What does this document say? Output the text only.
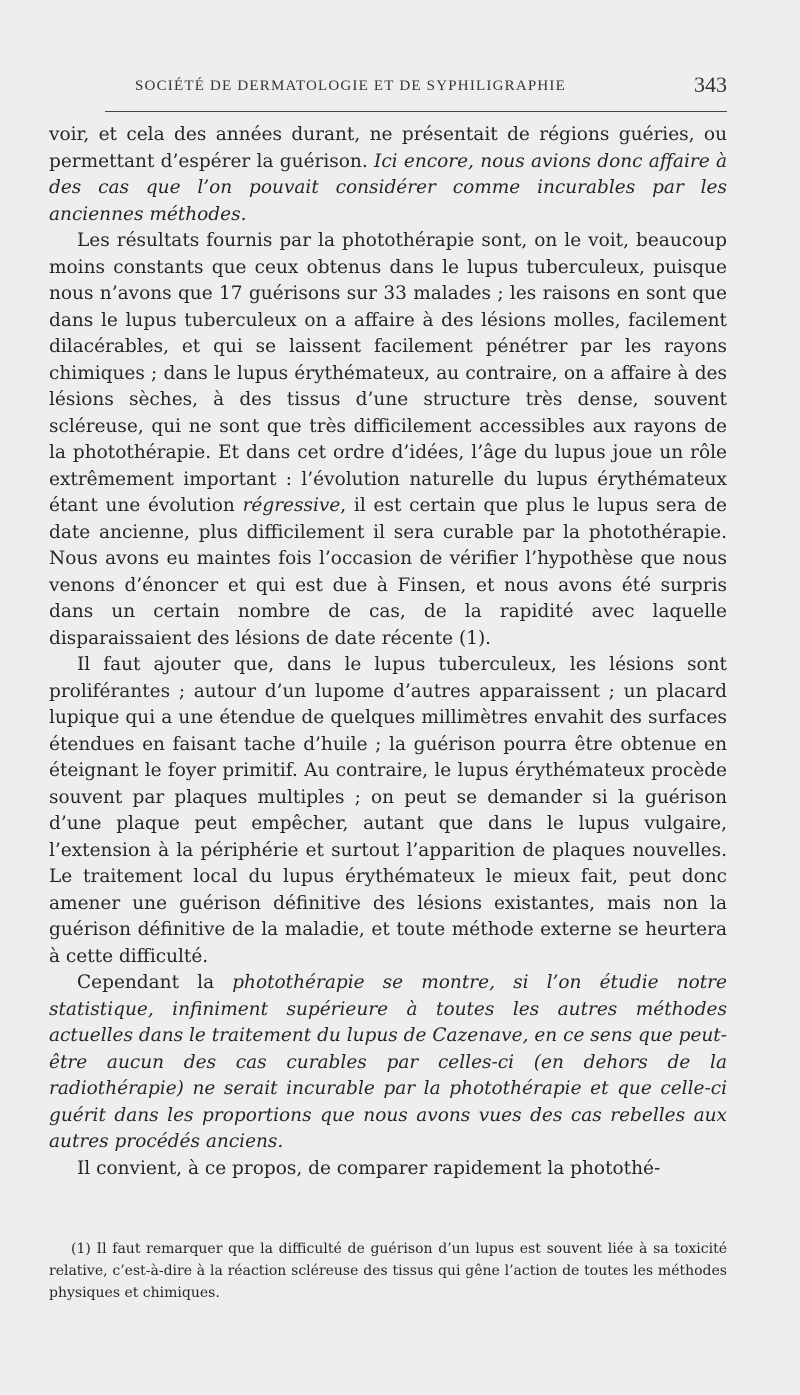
SOCIÉTÉ DE DERMATOLOGIE ET DE SYPHILIGRAPHIE	343

voir, et cela des années durant, ne présentait de régions guéries, ou permettant d’espérer la guérison. Ici encore, nous avions donc affaire à des cas que l’on pouvait considérer comme incurables par les anciennes méthodes.

Les résultats fournis par la photothérapie sont, on le voit, beaucoup moins constants que ceux obtenus dans le lupus tuberculeux, puisque nous n’avons que 17 guérisons sur 33 malades ; les raisons en sont que dans le lupus tuberculeux on a affaire à des lésions molles, facilement dilacérables, et qui se laissent facilement pénétrer par les rayons chimiques ; dans le lupus érythémateux, au contraire, on a affaire à des lésions sèches, à des tissus d’une structure très dense, souvent scléreuse, qui ne sont que très difficilement accessibles aux rayons de la photothérapie. Et dans cet ordre d’idées, l’âge du lupus joue un rôle extrêmement important : l’évolution naturelle du lupus érythémateux étant une évolution régressive, il est certain que plus le lupus sera de date ancienne, plus difficilement il sera curable par la photothérapie. Nous avons eu maintes fois l’occasion de vérifier l’hypothèse que nous venons d’énoncer et qui est due à Finsen, et nous avons été surpris dans un certain nombre de cas, de la rapidité avec laquelle disparaissaient des lésions de date récente (1).

Il faut ajouter que, dans le lupus tuberculeux, les lésions sont proliférantes ; autour d’un lupome d’autres apparaissent ; un placard lupique qui a une étendue de quelques millimètres envahit des surfaces étendues en faisant tache d’huile ; la guérison pourra être obtenue en éteignant le foyer primitif. Au contraire, le lupus érythémateux procède souvent par plaques multiples ; on peut se demander si la guérison d’une plaque peut empêcher, autant que dans le lupus vulgaire, l’extension à la périphérie et surtout l’apparition de plaques nouvelles. Le traitement local du lupus érythémateux le mieux fait, peut donc amener une guérison définitive des lésions existantes, mais non la guérison définitive de la maladie, et toute méthode externe se heurtera à cette difficulté.

Cependant la photothérapie se montre, si l’on étudie notre statistique, infiniment supérieure à toutes les autres méthodes actuelles dans le traitement du lupus de Cazenave, en ce sens que peut-être aucun des cas curables par celles-ci (en dehors de la radiothérapie) ne serait incurable par la photothérapie et que celle-ci guérit dans les proportions que nous avons vues des cas rebelles aux autres procédés anciens.

Il convient, à ce propos, de comparer rapidement la photothé-

(1) Il faut remarquer que la difficulté de guérison d’un lupus est souvent liée à sa toxicité relative, c’est-à-dire à la réaction scléreuse des tissus qui gêne l’action de toutes les méthodes physiques et chimiques.
